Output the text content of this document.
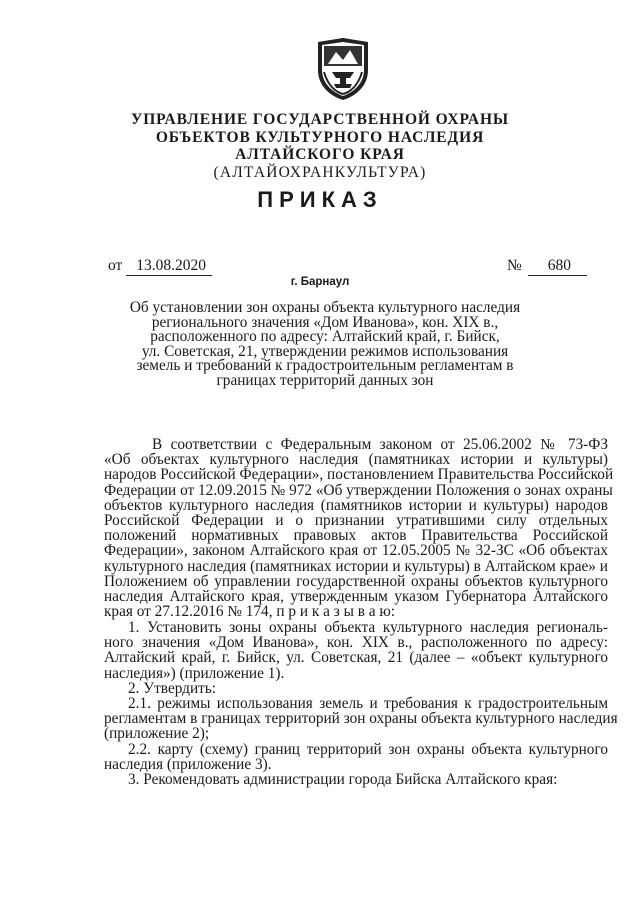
УПРАВЛЕНИЕ ГОСУДАРСТВЕННОЙ ОХРАНЫ
ОБЪЕКТОВ КУЛЬТУРНОГО НАСЛЕДИЯ
АЛТАЙСКОГО КРАЯ
(АЛТАЙОХРАНКУЛЬТУРА)
ПРИКАЗ
от 13.08.2020	№ 680
г. Барнаул
Об установлении зон охраны объекта культурного наследия
регионального значения «Дом Иванова», кон. XIX в.,
расположенного по адресу: Алтайский край, г. Бийск,
ул. Советская, 21, утверждении режимов использования
земель и требований к градостроительным регламентам в
границах территорий данных зон
В соответствии с Федеральным законом от 25.06.2002 № 73-ФЗ
«Об объектах культурного наследия (памятниках истории и культуры)
народов Российской Федерации», постановлением Правительства Российской
Федерации от 12.09.2015 № 972 «Об утверждении Положения о зонах охраны
объектов культурного наследия (памятников истории и культуры) народов
Российской Федерации и о признании утратившими силу отдельных
положений нормативных правовых актов Правительства Российской
Федерации», законом Алтайского края от 12.05.2005 № 32-ЗС «Об объектах
культурного наследия (памятниках истории и культуры) в Алтайском крае» и
Положением об управлении государственной охраны объектов культурного
наследия Алтайского края, утвержденным указом Губернатора Алтайского
края от 27.12.2016 № 174, п р и к а з ы в а ю:
1. Установить зоны охраны объекта культурного наследия региональ-
ного значения «Дом Иванова», кон. XIX в., расположенного по адресу:
Алтайский край, г. Бийск, ул. Советская, 21 (далее – «объект культурного
наследия») (приложение 1).
2. Утвердить:
2.1. режимы использования земель и требования к градостроительным
регламентам в границах территорий зон охраны объекта культурного наследия
(приложение 2);
2.2. карту (схему) границ территорий зон охраны объекта культурного
наследия (приложение 3).
3. Рекомендовать администрации города Бийска Алтайского края:
